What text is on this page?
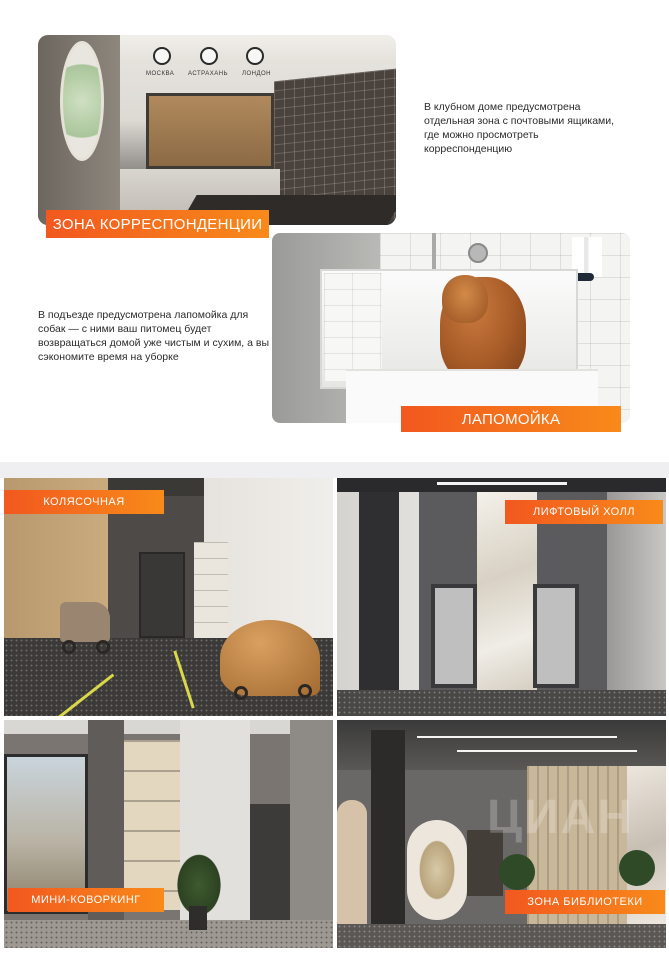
МОСКВА АСТРАХАНЬ ЛОНДОН
ЗОНА КОРРЕСПОНДЕНЦИИ

В клубном доме предусмотрена отдельная зона с почтовыми ящиками, где можно просмотреть корреспонденцию

В подъезде предусмотрена лапомойка для собак — с ними ваш питомец будет возвращаться домой уже чистым и сухим, а вы сэкономите время на уборке

ЛАПОМОЙКА
КОЛЯСОЧНАЯ
ЛИФТОВЫЙ ХОЛЛ
МИНИ-КОВОРКИНГ
ЦИАН
ЗОНА БИБЛИОТЕКИ
